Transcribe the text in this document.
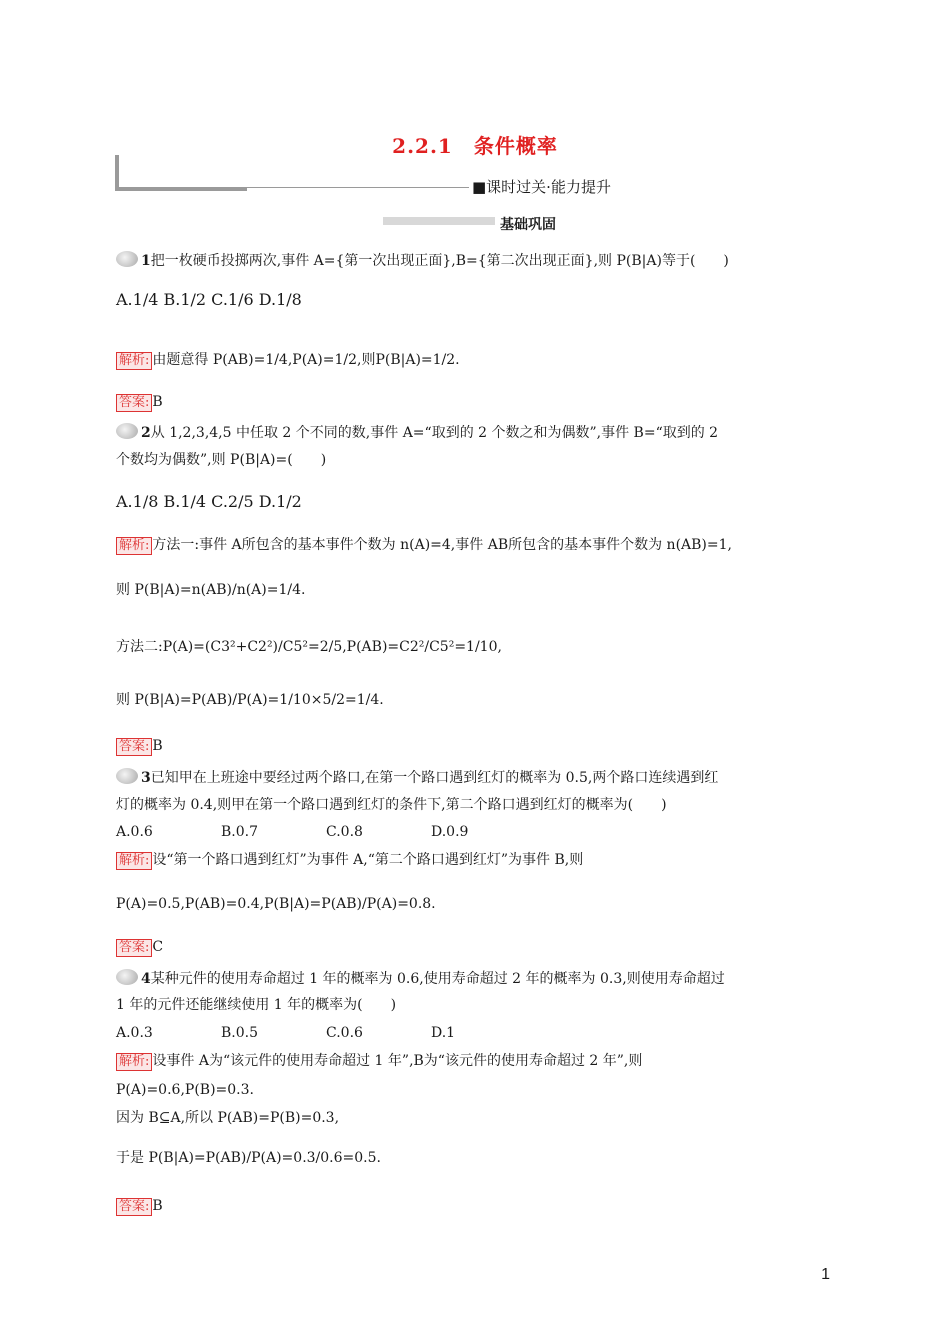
2.2.1　条件概率
■课时过关·能力提升
基础巩固
1把一枚硬币投掷两次,事件 A={第一次出现正面},B={第二次出现正面},则 P(B|A)等于(　　)
A.1/4 B.1/2 C.1/6 D.1/8
解析: 由题意得 P(AB)=1/4,P(A)=1/2,则P(B|A)=1/2.
答案: B
2从 1,2,3,4,5 中任取 2 个不同的数,事件 A=“取到的 2 个数之和为偶数”,事件 B=“取到的 2
个数均为偶数”,则 P(B|A)=(　　)
A.1/8 B.1/4 C.2/5 D.1/2
解析: 方法一:事件 A所包含的基本事件个数为 n(A)=4,事件 AB所包含的基本事件个数为 n(AB)=1,
则 P(B|A)=n(AB)/n(A)=1/4.
方法二:P(A)=(C3²+C2²)/C5²=2/5,P(AB)=C2²/C5²=1/10,
则 P(B|A)=P(AB)/P(A)=1/10×5/2=1/4.
答案: B
3已知甲在上班途中要经过两个路口,在第一个路口遇到红灯的概率为 0.5,两个路口连续遇到红
灯的概率为 0.4,则甲在第一个路口遇到红灯的条件下,第二个路口遇到红灯的概率为(　　)
A.0.6	B.0.7	C.0.8	D.0.9
解析: 设“第一个路口遇到红灯”为事件 A,“第二个路口遇到红灯”为事件 B,则
P(A)=0.5,P(AB)=0.4,P(B|A)=P(AB)/P(A)=0.8.
答案: C
4某种元件的使用寿命超过 1 年的概率为 0.6,使用寿命超过 2 年的概率为 0.3,则使用寿命超过
1 年的元件还能继续使用 1 年的概率为(　　)
A.0.3	B.0.5	C.0.6	D.1
解析: 设事件 A为“该元件的使用寿命超过 1 年”,B为“该元件的使用寿命超过 2 年”,则
P(A)=0.6,P(B)=0.3.
因为 B⊆A,所以 P(AB)=P(B)=0.3,
于是 P(B|A)=P(AB)/P(A)=0.3/0.6=0.5.
答案: B
1
